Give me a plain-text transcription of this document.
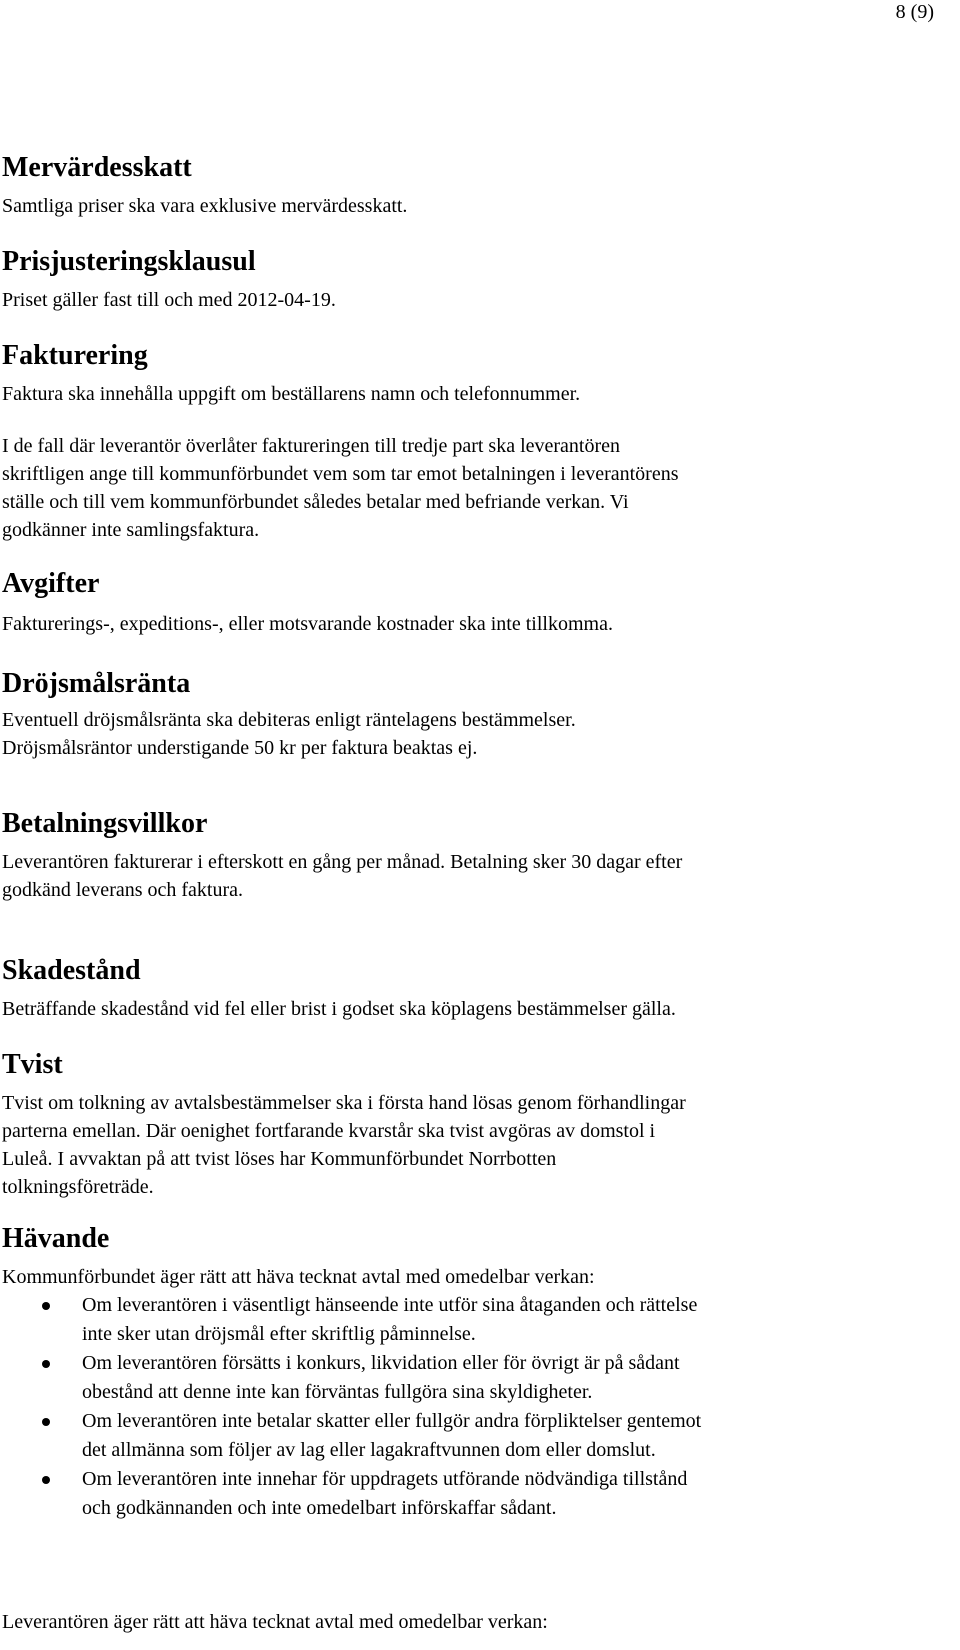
8 (9)
Mervärdesskatt

Samtliga priser ska vara exklusive mervärdesskatt.

Prisjusteringsklausul

Priset gäller fast till och med 2012-04-19.

Fakturering

Faktura ska innehålla uppgift om beställarens namn och telefonnummer.

I de fall där leverantör överlåter faktureringen till tredje part ska leverantören

skriftligen ange till kommunförbundet vem som tar emot betalningen i leverantörens

ställe och till vem kommunförbundet således betalar med befriande verkan. Vi

godkänner inte samlingsfaktura.

Avgifter

Fakturerings-, expeditions-, eller motsvarande kostnader ska inte tillkomma.

Dröjsmålsränta

Eventuell dröjsmålsränta ska debiteras enligt räntelagens bestämmelser.

Dröjsmålsräntor understigande 50 kr per faktura beaktas ej.

Betalningsvillkor

Leverantören fakturerar i efterskott en gång per månad. Betalning sker 30 dagar efter

godkänd leverans och faktura.

Skadestånd

Beträffande skadestånd vid fel eller brist i godset ska köplagens bestämmelser gälla.

Tvist

Tvist om tolkning av avtalsbestämmelser ska i första hand lösas genom förhandlingar

parterna emellan. Där oenighet fortfarande kvarstår ska tvist avgöras av domstol i

Luleå. I avvaktan på att tvist löses har Kommunförbundet Norrbotten

tolkningsföreträde.

Hävande

Kommunförbundet äger rätt att häva tecknat avtal med omedelbar verkan:

Om leverantören i väsentligt hänseende inte utför sina åtaganden och rättelse
inte sker utan dröjsmål efter skriftlig påminnelse.
Om leverantören försätts i konkurs, likvidation eller för övrigt är på sådant
obestånd att denne inte kan förväntas fullgöra sina skyldigheter.
Om leverantören inte betalar skatter eller fullgör andra förpliktelser gentemot
det allmänna som följer av lag eller lagakraftvunnen dom eller domslut.
Om leverantören inte innehar för uppdragets utförande nödvändiga tillstånd
och godkännanden och inte omedelbart införskaffar sådant.

Leverantören äger rätt att häva tecknat avtal med omedelbar verkan:
